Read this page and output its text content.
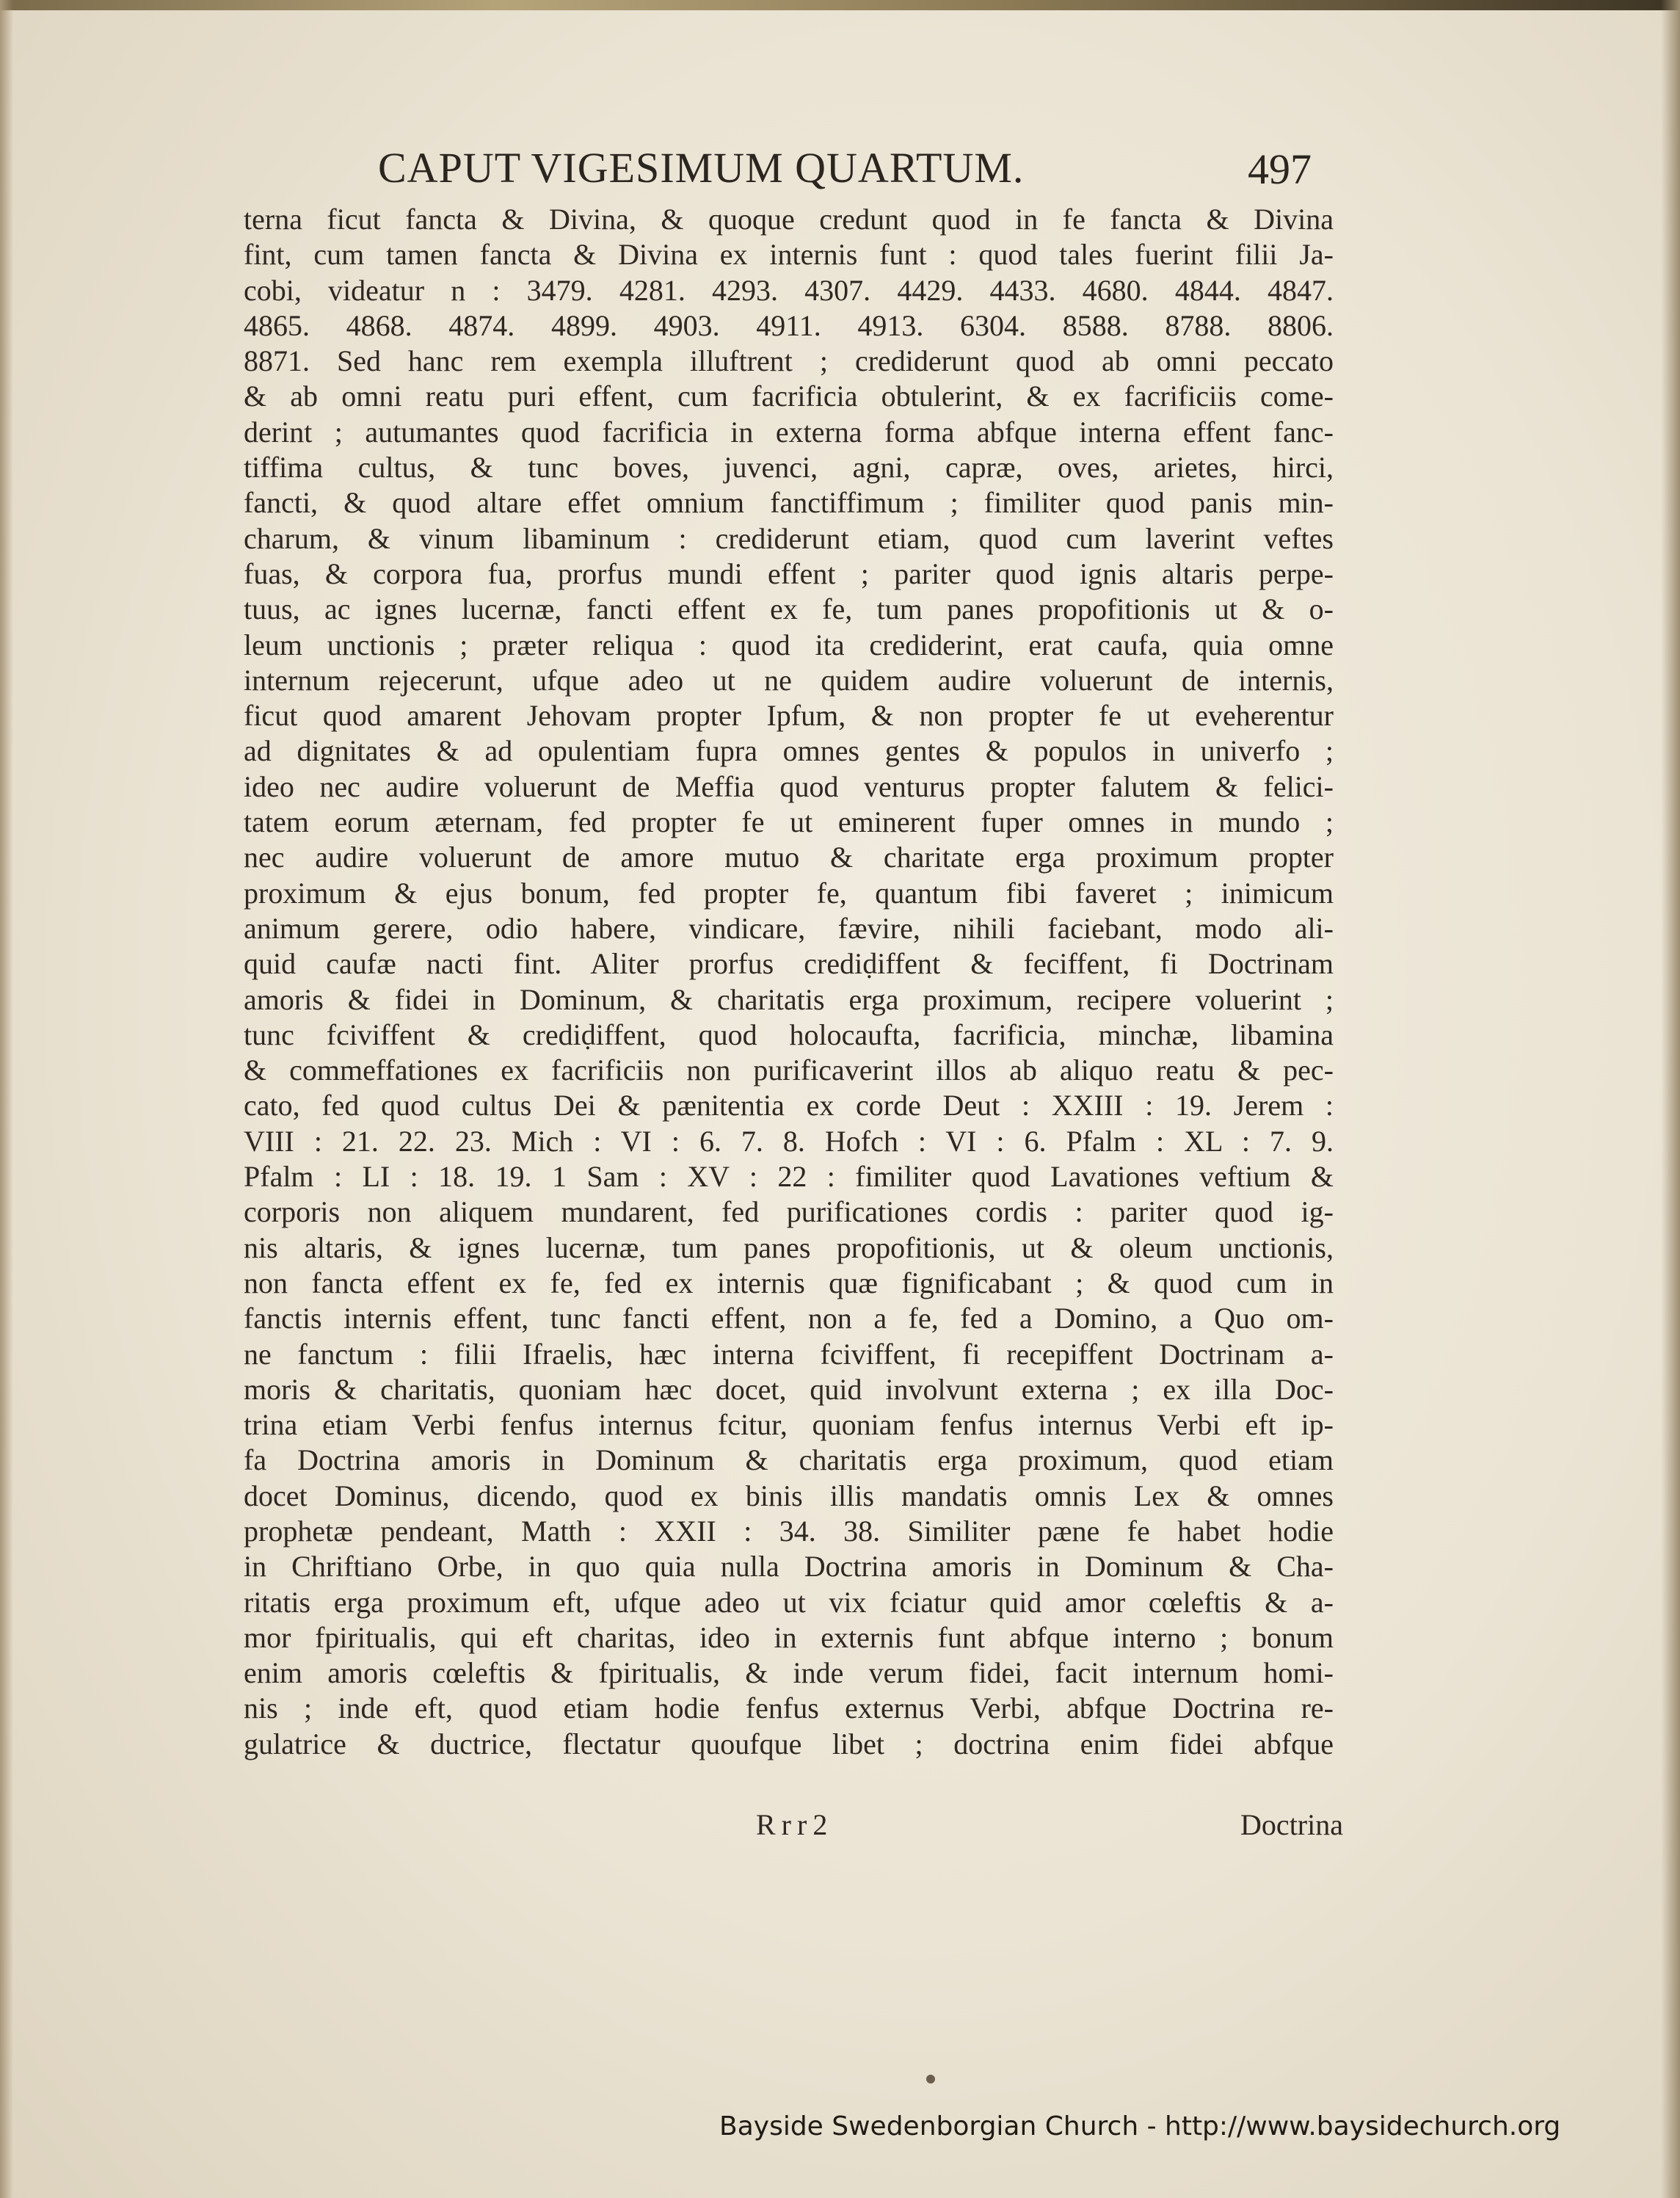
CAPUT VIGESIMUM QUARTUM.	497
terna ficut fancta & Divina, & quoque credunt quod in fe fancta & Divina
fint, cum tamen fancta & Divina ex internis funt : quod tales fuerint filii Ja-
cobi, videatur n : 3479. 4281. 4293. 4307. 4429. 4433. 4680. 4844. 4847.
4865. 4868. 4874. 4899. 4903. 4911. 4913. 6304. 8588. 8788. 8806.
8871. Sed hanc rem exempla illuftrent ; crediderunt quod ab omni peccato
& ab omni reatu puri effent, cum facrificia obtulerint, & ex facrificiis come-
derint ; autumantes quod facrificia in externa forma abfque interna effent fanc-
tiffima cultus, & tunc boves, juvenci, agni, capræ, oves, arietes, hirci,
fancti, & quod altare effet omnium fanctiffimum ; fimiliter quod panis min-
charum, & vinum libaminum : crediderunt etiam, quod cum laverint veftes
fuas, & corpora fua, prorfus mundi effent ; pariter quod ignis altaris perpe-
tuus, ac ignes lucernæ, fancti effent ex fe, tum panes propofitionis ut & o-
leum unctionis ; præter reliqua : quod ita crediderint, erat caufa, quia omne
internum rejecerunt, ufque adeo ut ne quidem audire voluerunt de internis,
ficut quod amarent Jehovam propter Ipfum, & non propter fe ut eveherentur
ad dignitates & ad opulentiam fupra omnes gentes & populos in univerfo ;
ideo nec audire voluerunt de Meffia quod venturus propter falutem & felici-
tatem eorum æternam, fed propter fe ut eminerent fuper omnes in mundo ;
nec audire voluerunt de amore mutuo & charitate erga proximum propter
proximum & ejus bonum, fed propter fe, quantum fibi faveret ; inimicum
animum gerere, odio habere, vindicare, fævire, nihili faciebant, modo ali-
quid caufæ nacti fint. Aliter prorfus crediḍiffent & feciffent, fi Doctrinam
amoris & fidei in Dominum, & charitatis erga proximum, recipere voluerint ;
tunc fciviffent & crediḍiffent, quod holocaufta, facrificia, minchæ, libamina
& commeffationes ex facrificiis non purificaverint illos ab aliquo reatu & pec-
cato, fed quod cultus Dei & pænitentia ex corde Deut : XXIII : 19. Jerem :
VIII : 21. 22. 23. Mich : VI : 6. 7. 8. Hofch : VI : 6. Pfalm : XL : 7. 9.
Pfalm : LI : 18. 19. 1 Sam : XV : 22 : fimiliter quod Lavationes veftium &
corporis non aliquem mundarent, fed purificationes cordis : pariter quod ig-
nis altaris, & ignes lucernæ, tum panes propofitionis, ut & oleum unctionis,
non fancta effent ex fe, fed ex internis quæ fignificabant ; & quod cum in
fanctis internis effent, tunc fancti effent, non a fe, fed a Domino, a Quo om-
ne fanctum : filii Ifraelis, hæc interna fciviffent, fi recepiffent Doctrinam a-
moris & charitatis, quoniam hæc docet, quid involvunt externa ; ex illa Doc-
trina etiam Verbi fenfus internus fcitur, quoniam fenfus internus Verbi eft ip-
fa Doctrina amoris in Dominum & charitatis erga proximum, quod etiam
docet Dominus, dicendo, quod ex binis illis mandatis omnis Lex & omnes
prophetæ pendeant, Matth : XXII : 34. 38. Similiter pæne fe habet hodie
in Chriftiano Orbe, in quo quia nulla Doctrina amoris in Dominum & Cha-
ritatis erga proximum eft, ufque adeo ut vix fciatur quid amor cœleftis & a-
mor fpiritualis, qui eft charitas, ideo in externis funt abfque interno ; bonum
enim amoris cœleftis & fpiritualis, & inde verum fidei, facit internum homi-
nis ; inde eft, quod etiam hodie fenfus externus Verbi, abfque Doctrina re-
gulatrice & ductrice, flectatur quoufque libet ; doctrina enim fidei abfque
Rrr2	Doctrina
Bayside Swedenborgian Church - http://www.baysidechurch.org
